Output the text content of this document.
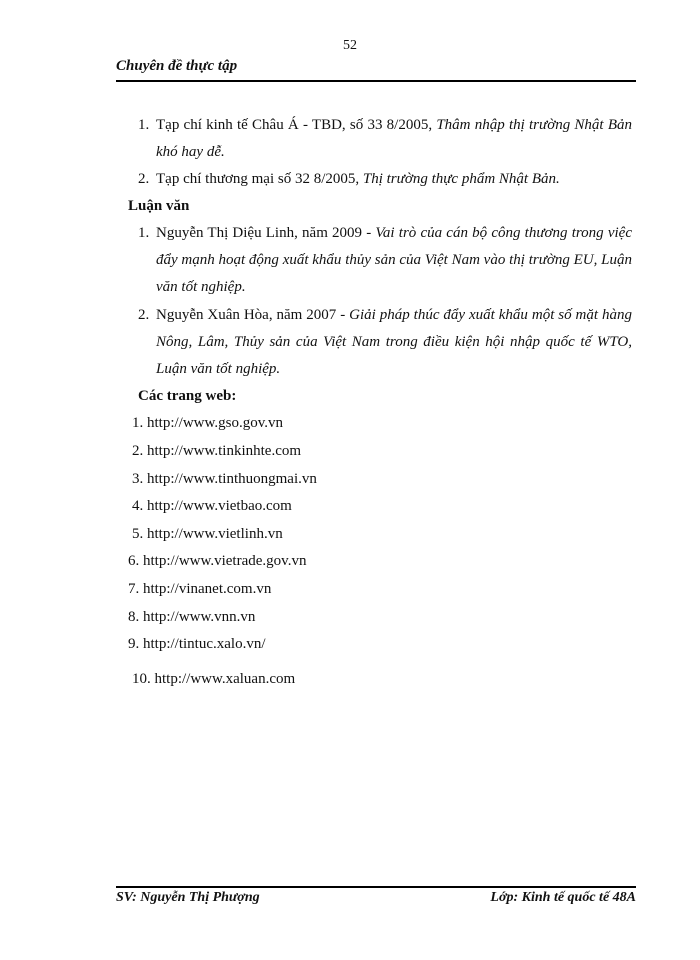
52
Chuyên đề thực tập
1. Tạp chí kinh tế Châu Á - TBD, số 33 8/2005, Thâm nhập thị trường Nhật Bản khó hay dễ.
2. Tạp chí thương mại số 32 8/2005, Thị trường thực phẩm Nhật Bản.
Luận văn
1. Nguyễn Thị Diệu Linh, năm 2009 - Vai trò của cán bộ công thương trong việc đẩy mạnh hoạt động xuất khẩu thủy sản của Việt Nam vào thị trường EU, Luận văn tốt nghiệp.
2. Nguyễn Xuân Hòa, năm 2007 - Giải pháp thúc đẩy xuất khẩu một số mặt hàng Nông, Lâm, Thủy sản của Việt Nam trong điều kiện hội nhập quốc tế WTO, Luận văn tốt nghiệp.
Các trang web:
1. http://www.gso.gov.vn
2. http://www.tinkinhte.com
3. http://www.tinthuongmai.vn
4. http://www.vietbao.com
5. http://www.vietlinh.vn
6. http://www.vietrade.gov.vn
7. http://vinanet.com.vn
8. http://www.vnn.vn
9. http://tintuc.xalo.vn/
10. http://www.xaluan.com
SV: Nguyễn Thị Phượng	Lớp: Kinh tế quốc tế 48A
